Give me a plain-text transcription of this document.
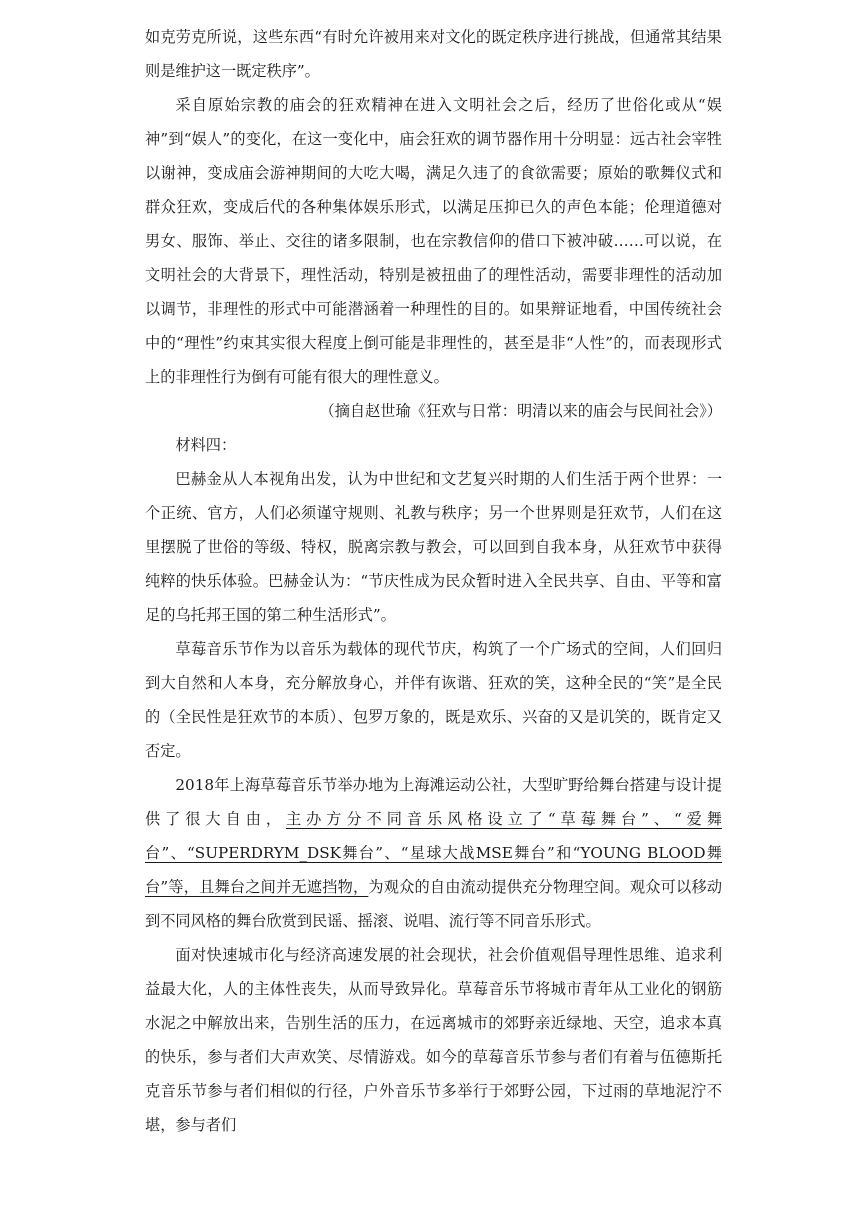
如克劳克所说，这些东西“有时允许被用来对文化的既定秩序进行挑战，但通常其结果则是维护这一既定秩序”。

采自原始宗教的庙会的狂欢精神在进入文明社会之后，经历了世俗化或从“娱神”到“娱人”的变化，在这一变化中，庙会狂欢的调节器作用十分明显：远古社会宰牲以谢神，变成庙会游神期间的大吃大喝，满足久违了的食欲需要；原始的歌舞仪式和群众狂欢，变成后代的各种集体娱乐形式，以满足压抑已久的声色本能；伦理道德对男女、服饰、举止、交往的诸多限制，也在宗教信仰的借口下被冲破……可以说，在文明社会的大背景下，理性活动，特别是被扭曲了的理性活动，需要非理性的活动加以调节，非理性的形式中可能潜涵着一种理性的目的。如果辩证地看，中国传统社会中的“理性”约束其实很大程度上倒可能是非理性的，甚至是非“人性”的，而表现形式上的非理性行为倒有可能有很大的理性意义。

（摘自赵世瑜《狂欢与日常：明清以来的庙会与民间社会》）

材料四：

巴赫金从人本视角出发，认为中世纪和文艺复兴时期的人们生活于两个世界：一个正统、官方，人们必须谨守规则、礼教与秩序；另一个世界则是狂欢节，人们在这里摆脱了世俗的等级、特权，脱离宗教与教会，可以回到自我本身，从狂欢节中获得纯粹的快乐体验。巴赫金认为：“节庆性成为民众暂时进入全民共享、自由、平等和富足的乌托邦王国的第二种生活形式”。

草莓音乐节作为以音乐为载体的现代节庆，构筑了一个广场式的空间，人们回归到大自然和人本身，充分解放身心，并伴有诙谐、狂欢的笑，这种全民的“笑”是全民的（全民性是狂欢节的本质）、包罗万象的，既是欢乐、兴奋的又是讥笑的，既肯定又否定。

2018年上海草莓音乐节举办地为上海滩运动公社，大型旷野给舞台搭建与设计提供了很大自由，主办方分不同音乐风格设立了“草莓舞台”、“爱舞台”、“SUPERDRYM_DSK舞台”、“星球大战MSE舞台”和“YOUNG BLOOD舞台”等，且舞台之间并无遮挡物，为观众的自由流动提供充分物理空间。观众可以移动到不同风格的舞台欣赏到民谣、摇滚、说唱、流行等不同音乐形式。

面对快速城市化与经济高速发展的社会现状，社会价值观倡导理性思维、追求利益最大化，人的主体性丧失，从而导致异化。草莓音乐节将城市青年从工业化的钢筋水泥之中解放出来，告别生活的压力，在远离城市的郊野亲近绿地、天空，追求本真的快乐，参与者们大声欢笑、尽情游戏。如今的草莓音乐节参与者们有着与伍德斯托克音乐节参与者们相似的行径，户外音乐节多举行于郊野公园，下过雨的草地泥泞不堪，参与者们
